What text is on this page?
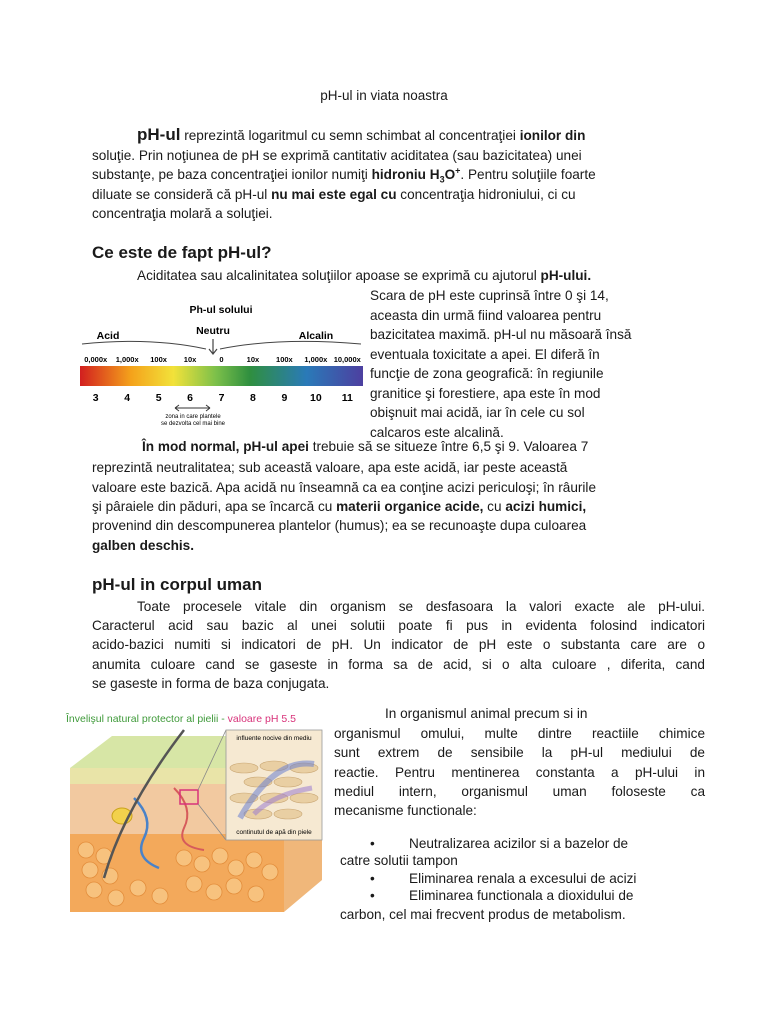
pH-ul in viata noastra
pH-ul reprezintă logaritmul cu semn schimbat al concentraţiei ionilor din
soluţie. Prin noţiunea de pH se exprimă cantitativ aciditatea (sau bazicitatea) unei
substanţe, pe baza concentraţiei ionilor numiţi hidroniu $H_3O^+$. Pentru soluţiile foarte
diluate se consideră că pH-ul nu mai este egal cu concentraţia hidroniului, ci cu
concentraţia molară a soluţiei.
Ce este de fapt pH-ul?
Aciditatea sau alcalinitatea soluţiilor apoase se exprimă cu ajutorul pH-ului.
Scara de pH este cuprinsă între 0 şi 14,
aceasta din urmă fiind valoarea pentru
bazicitatea maximă. pH-ul nu măsoară însă
eventuala toxicitate a apei. El diferă în
funcţie de zona geografică: în regiunile
granitice şi forestiere, apa este în mod
obişnuit mai acidă, iar în cele cu sol
calcaros este alcalină.
Ph-ul solului
Acid	Neutru	Alcalin
0,000x 1,000x 100x 10x	0	10x 100x 1,000x 10,000x
3 4 5 6 7 8 9 10 11
zona in care plantele
se dezvolta cel mai bine
În mod normal, pH-ul apei trebuie să se situeze între 6,5 şi 9. Valoarea 7
reprezintă neutralitatea; sub această valoare, apa este acidă, iar peste această
valoare este bazică. Apa acidă nu înseamnă ca ea conţine acizi periculoşi; în râurile
şi pâraiele din păduri, apa se încarcă cu materii organice acide, cu acizi humici,
provenind din descompunerea plantelor (humus); ea se recunoaşte dupa culoarea
galben deschis.
pH-ul in corpul uman
Toate procesele vitale din organism se desfasoara la valori exacte ale pH-ului.
Caracterul acid sau bazic al unei solutii poate fi pus in evidenta folosind indicatori
acido-bazici numiti si indicatori de pH. Un indicator de pH este o substanta care are o
anumita culoare cand se gaseste in forma sa de acid, si o alta culoare , diferita, cand
se gaseste in forma de baza conjugata.
In organismul animal precum si in
organismul omului, multe dintre reactiile chimice
sunt extrem de sensibile la pH-ul mediului de
reactie. Pentru mentinerea constanta a pH-ului in
mediul intern, organismul uman foloseste ca
mecanisme functionale:
•	Neutralizarea acizilor si a bazelor de
catre solutii tampon
•	Eliminarea renala a excesului de acizi
•	Eliminarea functionala a dioxidului de
carbon, cel mai frecvent produs de metabolism.
Învelişul natural protector al pielii - valoare pH 5.5
influente nocive din mediu
continutul de apă din piele
